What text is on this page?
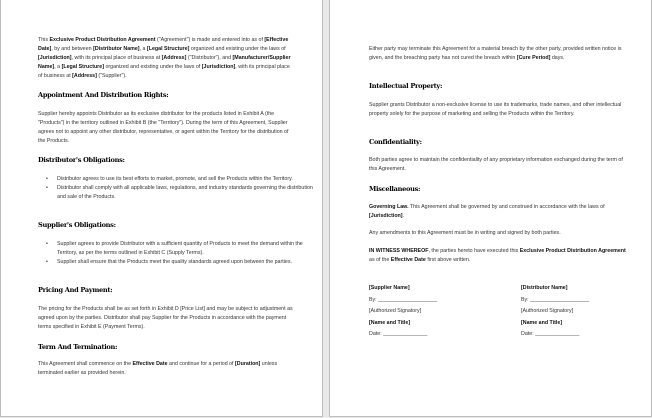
This Exclusive Product Distribution Agreement ("Agreement") is made and entered into as of [Effective Date], by and between [Distributor Name], a [Legal Structure] organized and existing under the laws of [Jurisdiction], with its principal place of business at [Address] ("Distributor"), and [Manufacturer/Supplier Name], a [Legal Structure] organized and existing under the laws of [Jurisdiction], with its principal place of business at [Address] ("Supplier").

Appointment And Distribution Rights:

Supplier hereby appoints Distributor as its exclusive distributor for the products listed in Exhibit A (the "Products") in the territory outlined in Exhibit B (the "Territory"). During the term of this Agreement, Supplier agrees not to appoint any other distributor, representative, or agent within the Territory for the distribution of the Products.

Distributor's Obligations:
• Distributor agrees to use its best efforts to market, promote, and sell the Products within the Territory.
• Distributor shall comply with all applicable laws, regulations, and industry standards governing the distribution and sale of the Products.
Supplier's Obligations:
• Supplier agrees to provide Distributor with a sufficient quantity of Products to meet the demand within the Territory, as per the terms outlined in Exhibit C (Supply Terms).
• Supplier shall ensure that the Products meet the quality standards agreed upon between the parties.
Pricing And Payment:

The pricing for the Products shall be as set forth in Exhibit D [Price List] and may be subject to adjustment as agreed upon by the parties. Distributor shall pay Supplier for the Products in accordance with the payment terms specified in Exhibit E (Payment Terms).

Term And Termination:

This Agreement shall commence on the Effective Date and continue for a period of [Duration] unless terminated earlier as provided herein.

Either party may terminate this Agreement for a material breach by the other party, provided written notice is given, and the breaching party has not cured the breach within [Cure Period] days.

Intellectual Property:

Supplier grants Distributor a non-exclusive license to use its trademarks, trade names, and other intellectual property solely for the purpose of marketing and selling the Products within the Territory.

Confidentiality:

Both parties agree to maintain the confidentiality of any proprietary information exchanged during the term of this Agreement.

Miscellaneous:

Governing Law. This Agreement shall be governed by and construed in accordance with the laws of [Jurisdiction].

Any amendments to this Agreement must be in writing and signed by both parties.

IN WITNESS WHEREOF, the parties hereto have executed this Exclusive Product Distribution Agreement as of the Effective Date first above written.

[Supplier Name]
By: ____________________
[Authorized Signatory]
[Name and Title]
Date: _______________
[Distributor Name]
By: ____________________
[Authorized Signatory]
[Name and Title]
Date: _______________
